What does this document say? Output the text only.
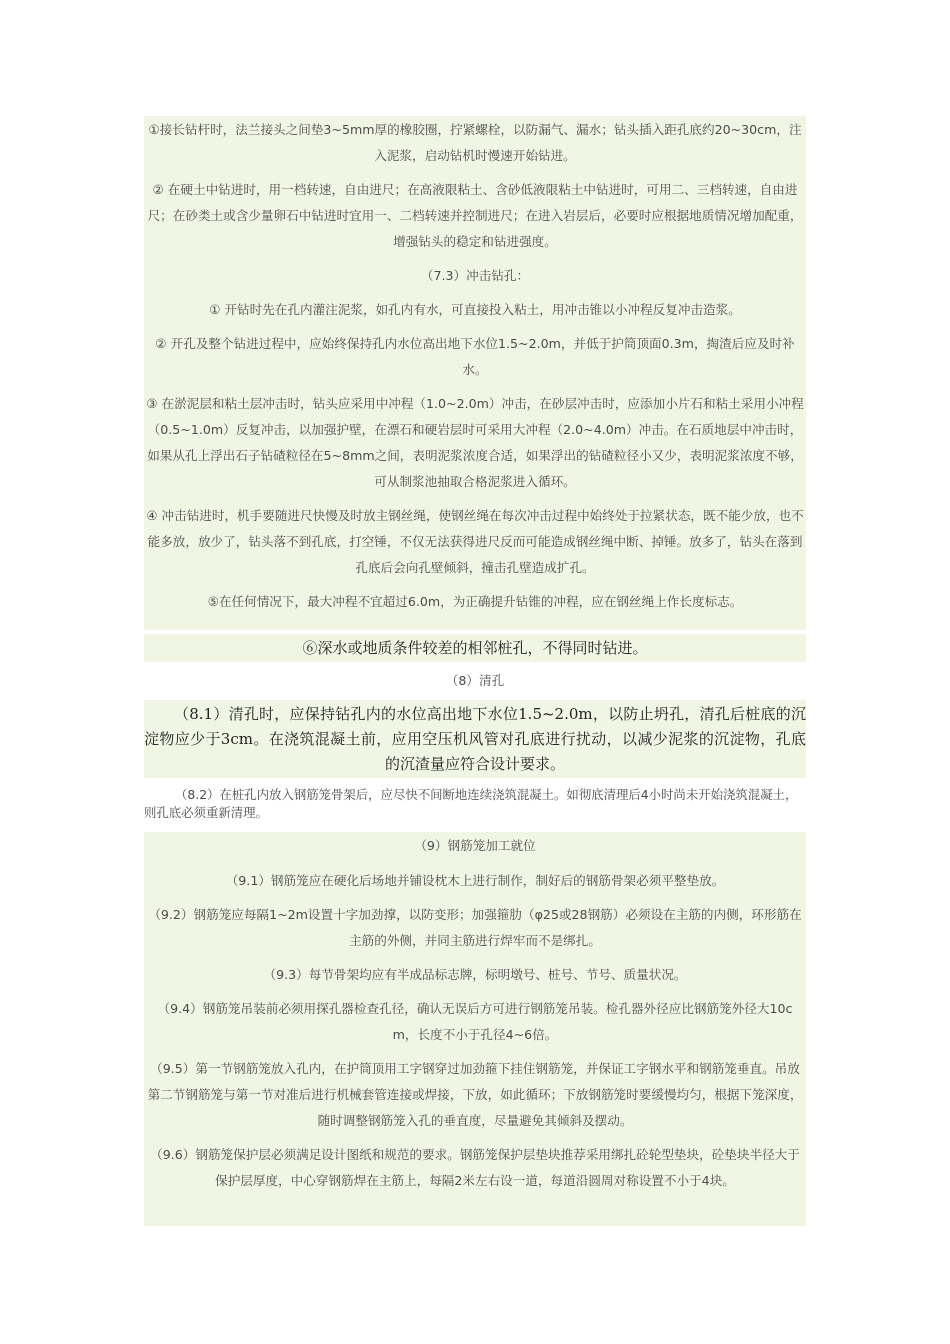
①接长钻杆时，法兰接头之间垫3~5mm厚的橡胶圈，拧紧螺栓，以防漏气、漏水；钻头插入距孔底约20~30cm，注入泥浆，启动钻机时慢速开始钻进。

② 在硬土中钻进时，用一档转速，自由进尺；在高液限粘土、含砂低液限粘土中钻进时，可用二、三档转速，自由进尺；在砂类土或含少量卵石中钻进时宜用一、二档转速并控制进尺；在进入岩层后，必要时应根据地质情况增加配重，增强钻头的稳定和钻进强度。

（7.3）冲击钻孔：

① 开钻时先在孔内灌注泥浆，如孔内有水，可直接投入粘土，用冲击锥以小冲程反复冲击造浆。

② 开孔及整个钻进过程中，应始终保持孔内水位高出地下水位1.5~2.0m，并低于护筒顶面0.3m，掏渣后应及时补水。

③ 在淤泥层和粘土层冲击时，钻头应采用中冲程（1.0~2.0m）冲击，在砂层冲击时，应添加小片石和粘土采用小冲程（0.5~1.0m）反复冲击，以加强护壁，在漂石和硬岩层时可采用大冲程（2.0~4.0m）冲击。在石质地层中冲击时，如果从孔上浮出石子钻碴粒径在5~8mm之间，表明泥浆浓度合适，如果浮出的钻碴粒径小又少，表明泥浆浓度不够，可从制浆池抽取合格泥浆进入循环。

④ 冲击钻进时，机手要随进尺快慢及时放主钢丝绳，使钢丝绳在每次冲击过程中始终处于拉紧状态，既不能少放，也不能多放，放少了，钻头落不到孔底，打空锤，不仅无法获得进尺反而可能造成钢丝绳中断、掉锤。放多了，钻头在落到孔底后会向孔壁倾斜，撞击孔壁造成扩孔。

⑤在任何情况下，最大冲程不宜超过6.0m，为正确提升钻锥的冲程，应在钢丝绳上作长度标志。

⑥深水或地质条件较差的相邻桩孔，不得同时钻进。

（8）清孔

（8.1）清孔时，应保持钻孔内的水位高出地下水位1.5~2.0m，以防止坍孔，清孔后桩底的沉淀物应少于3cm。在浇筑混凝土前，应用空压机风管对孔底进行扰动，以减少泥浆的沉淀物，孔底的沉渣量应符合设计要求。

（8.2）在桩孔内放入钢筋笼骨架后，应尽快不间断地连续浇筑混凝土。如彻底清理后4小时尚未开始浇筑混凝土，则孔底必须重新清理。

（9）钢筋笼加工就位

（9.1）钢筋笼应在硬化后场地并铺设枕木上进行制作，制好后的钢筋骨架必须平整垫放。

（9.2）钢筋笼应每隔1~2m设置十字加劲撑，以防变形；加强箍肋（φ25或28钢筋）必须设在主筋的内侧，环形筋在主筋的外侧，并同主筋进行焊牢而不是绑扎。

（9.3）每节骨架均应有半成品标志牌，标明墩号、桩号、节号、质量状况。

（9.4）钢筋笼吊装前必须用探孔器检查孔径，确认无误后方可进行钢筋笼吊装。检孔器外径应比钢筋笼外径大10cm，长度不小于孔径4~6倍。

（9.5）第一节钢筋笼放入孔内，在护筒顶用工字钢穿过加劲箍下挂住钢筋笼，并保证工字钢水平和钢筋笼垂直。吊放第二节钢筋笼与第一节对准后进行机械套管连接或焊接，下放，如此循环；下放钢筋笼时要缓慢均匀，根据下笼深度，随时调整钢筋笼入孔的垂直度，尽量避免其倾斜及摆动。

（9.6）钢筋笼保护层必须满足设计图纸和规范的要求。钢筋笼保护层垫块推荐采用绑扎砼轮型垫块，砼垫块半径大于保护层厚度，中心穿钢筋焊在主筋上，每隔2米左右设一道，每道沿圆周对称设置不小于4块。
